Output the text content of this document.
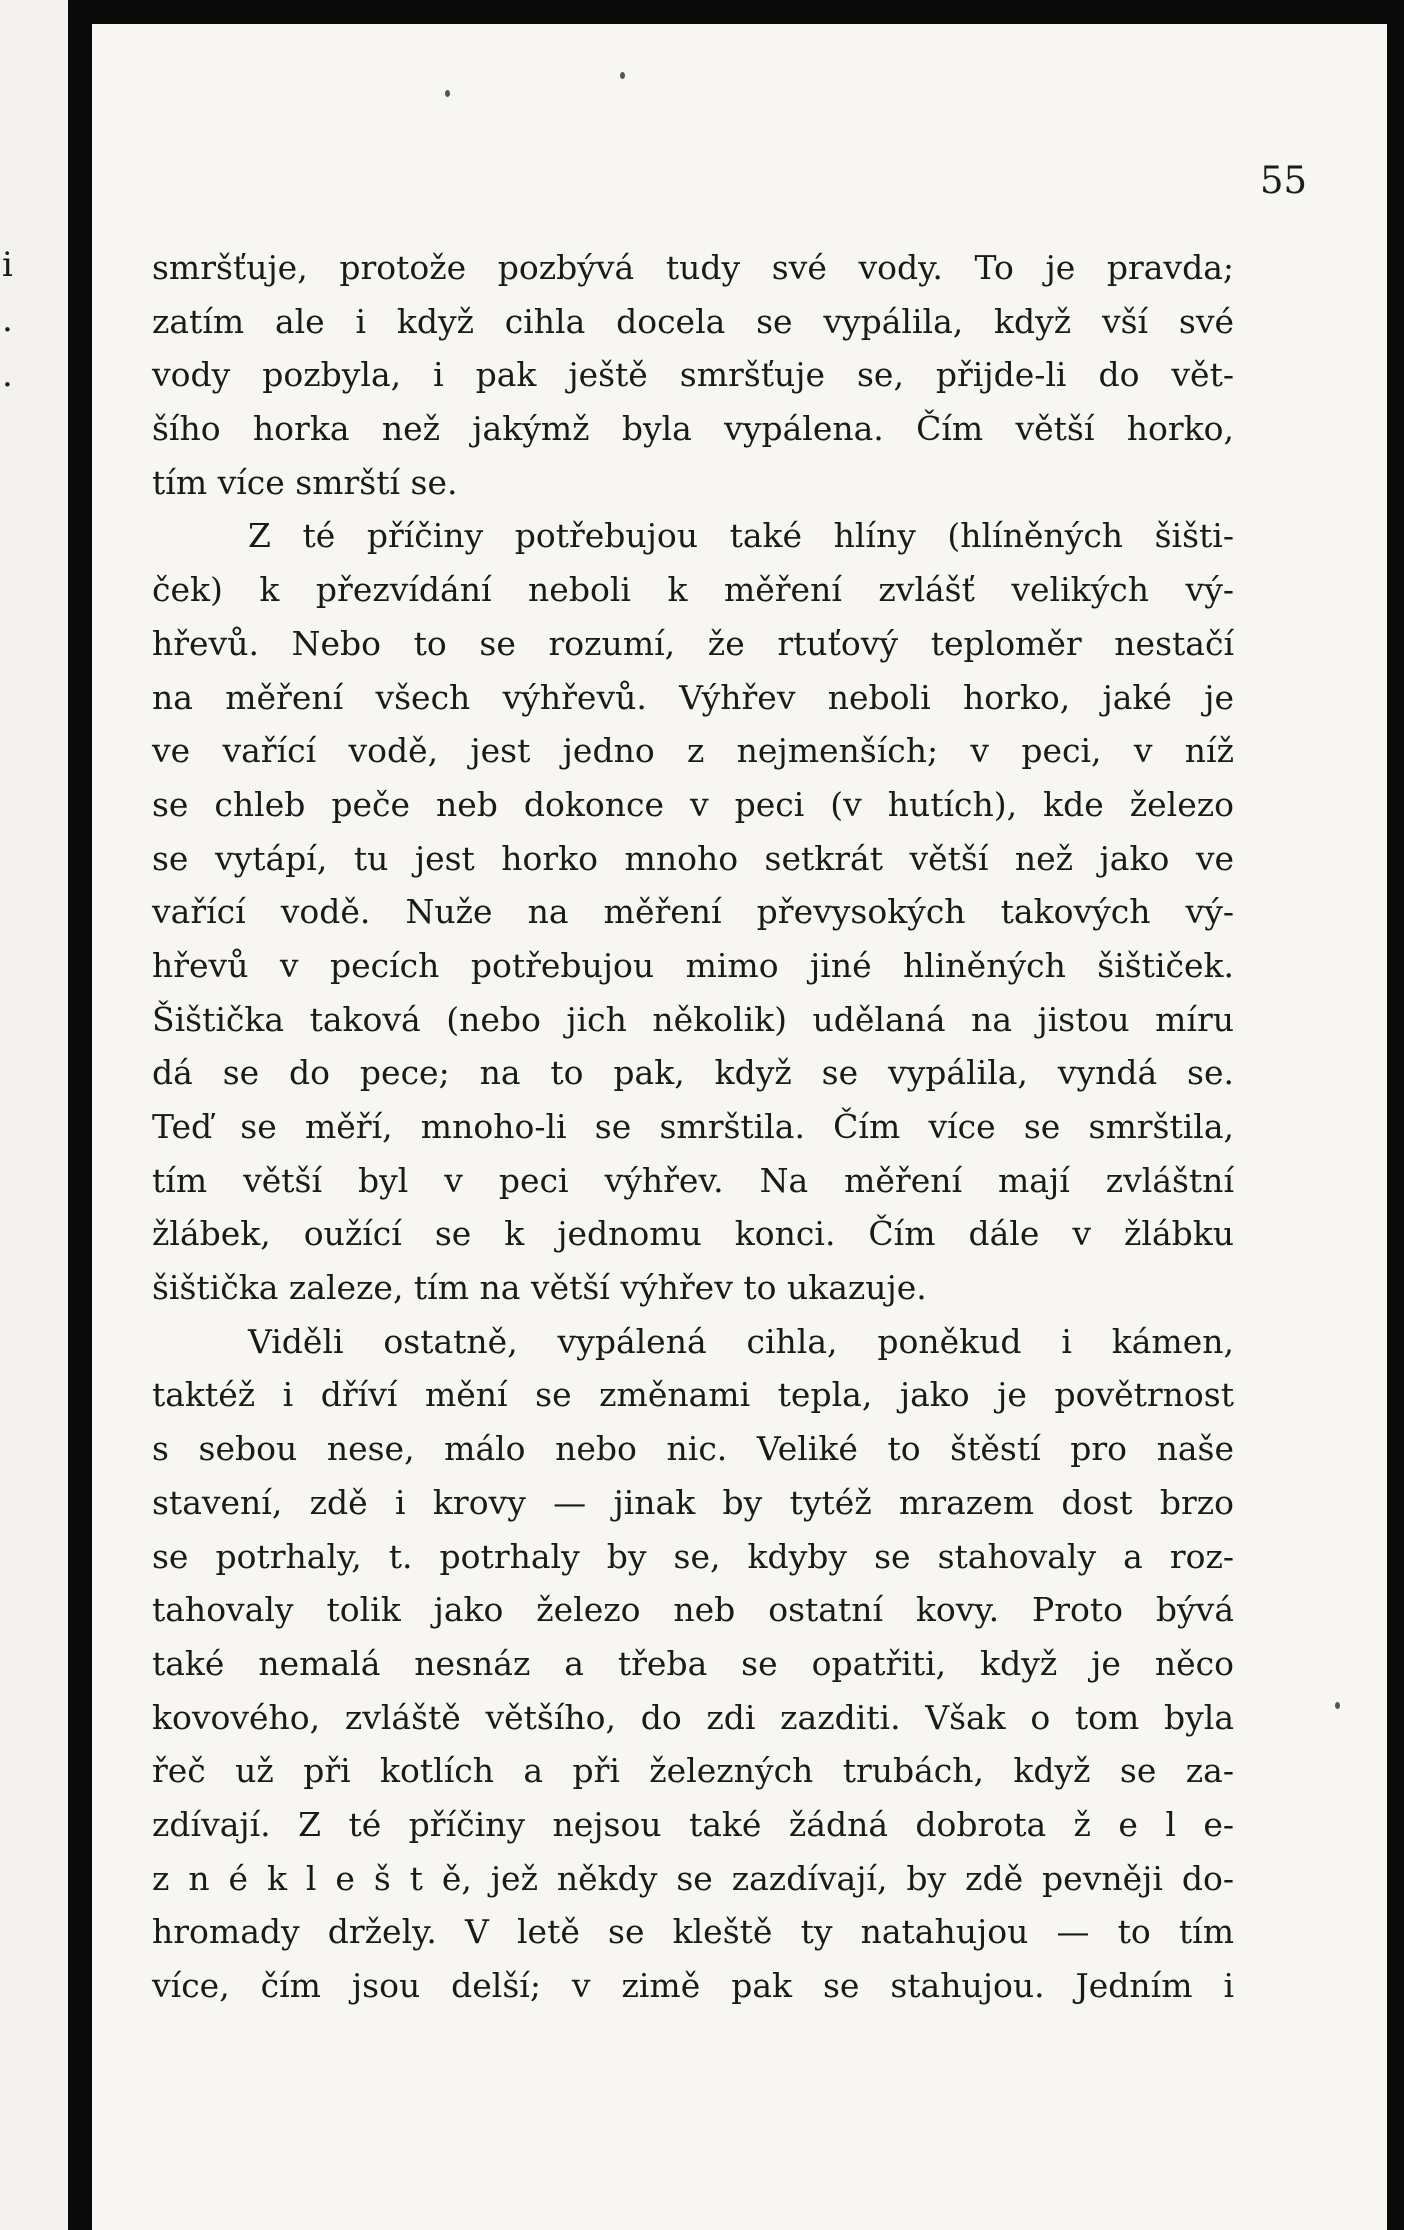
i
.
.
55
smršťuje, protože pozbývá tudy své vody. To je pravda;
zatím ale i když cihla docela se vypálila, když vší své
vody pozbyla, i pak ještě smršťuje se, přijde-li do vět-
šího horka než jakýmž byla vypálena. Čím větší horko,
tím více smrští se.
Z té příčiny potřebujou také hlíny (hlíněných šišti-
ček) k přezvídání neboli k měření zvlášť velikých vý-
hřevů. Nebo to se rozumí, že rtuťový teploměr nestačí
na měření všech výhřevů. Výhřev neboli horko, jaké je
ve vařící vodě, jest jedno z nejmenších; v peci, v níž
se chleb peče neb dokonce v peci (v hutích), kde železo
se vytápí, tu jest horko mnoho setkrát větší než jako ve
vařící vodě. Nuže na měření převysokých takových vý-
hřevů v pecích potřebujou mimo jiné hliněných šištiček.
Šištička taková (nebo jich několik) udělaná na jistou míru
dá se do pece; na to pak, když se vypálila, vyndá se.
Teď se měří, mnoho-li se smrštila. Čím více se smrštila,
tím větší byl v peci výhřev. Na měření mají zvláštní
žlábek, oužící se k jednomu konci. Čím dále v žlábku
šištička zaleze, tím na větší výhřev to ukazuje.
Viděli ostatně, vypálená cihla, poněkud i kámen,
taktéž i dříví mění se změnami tepla, jako je povětrnost
s sebou nese, málo nebo nic. Veliké to štěstí pro naše
stavení, zdě i krovy — jinak by tytéž mrazem dost brzo
se potrhaly, t. potrhaly by se, kdyby se stahovaly a roz-
tahovaly tolik jako železo neb ostatní kovy. Proto bývá
také nemalá nesnáz a třeba se opatřiti, když je něco
kovového, zvláště většího, do zdi zazditi. Však o tom byla
řeč už při kotlích a při železných trubách, když se za-
zdívají. Z té příčiny nejsou také žádná dobrota ž e l e-
z n é k l e š t ě, jež někdy se zazdívají, by zdě pevněji do-
hromady držely. V letě se kleště ty natahujou — to tím
více, čím jsou delší; v zimě pak se stahujou. Jedním i
